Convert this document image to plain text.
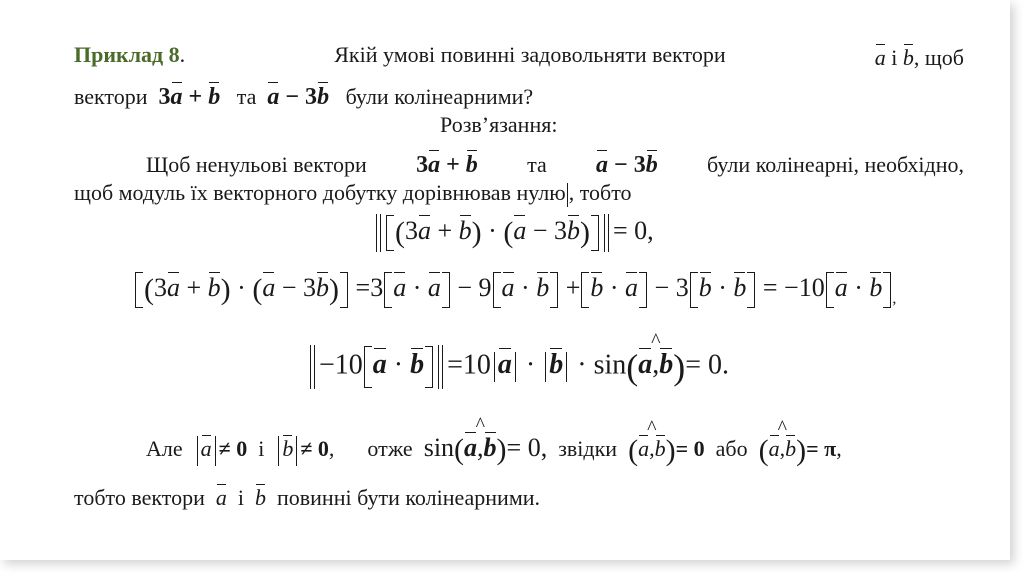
Приклад 8.	Якій умові повинні задовольняти вектори	a і b, щоб
вектори 3a + b та a − 3b були колінеарними?
Розв’язання:
Щоб ненульові вектори 3a + b та a − 3b були колінеарні, необхідно,
щоб модуль їх векторного добутку дорівнював нулю , тобто
(3a + b) · (a − 3b) = 0,
(3a + b) · (a − 3b) =3 a · a − 9 a · b + b · a − 3 b · b = −10 a · b ,
−10 a · b =10 a · b · sin(^ a,b)= 0.
Але a ≠ 0 і b ≠ 0, отже sin(^ a,b)= 0, звідки (^ a,b)= 0 або (^ a,b)= π,
тобто вектори a і b повинні бути колінеарними.
